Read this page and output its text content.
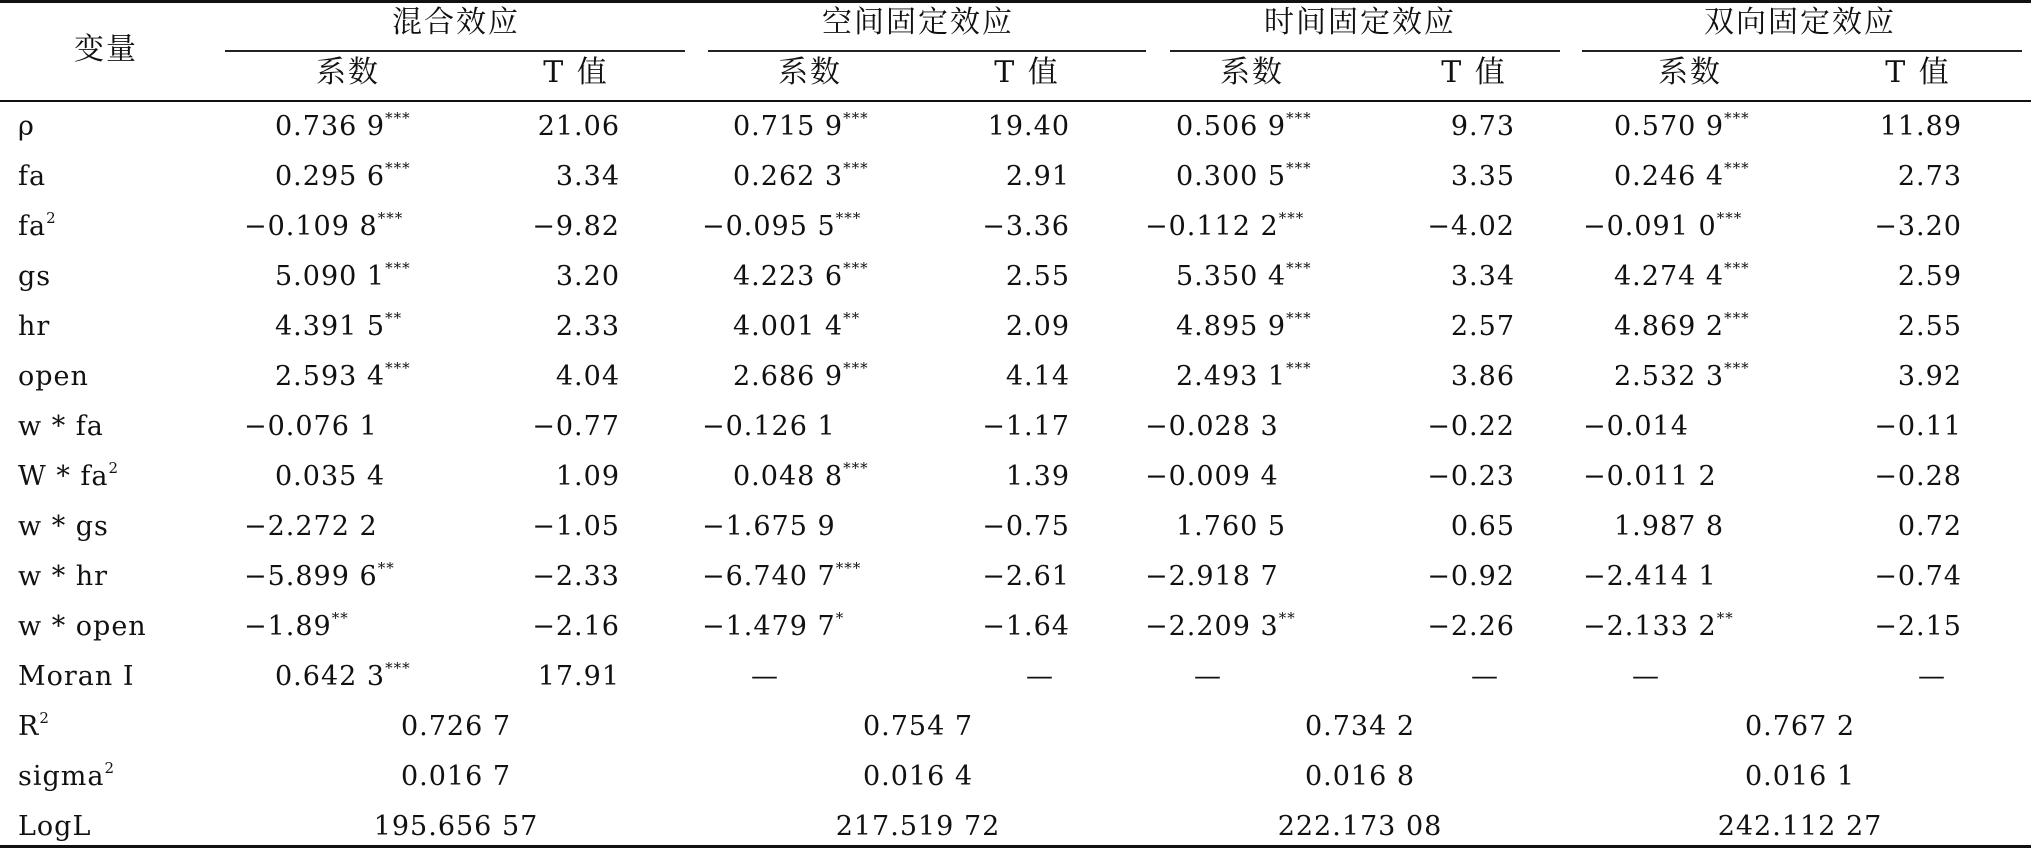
变量
混合效应	空间固定效应	时间固定效应	双向固定效应
系数	T 值	系数	T 值	系数	T 值	系数	T 值
ρ	0.736 9***	21.06	0.715 9***	19.40	0.506 9***	9.73	0.570 9***	11.89
fa	0.295 6***	3.34	0.262 3***	2.91	0.300 5***	3.35	0.246 4***	2.73
$fa^2$	−0.109 8***	−9.82	−0.095 5***	−3.36	−0.112 2***	−4.02	−0.091 0***	−3.20
gs	5.090 1***	3.20	4.223 6***	2.55	5.350 4***	3.34	4.274 4***	2.59
hr	4.391 5**	2.33	4.001 4**	2.09	4.895 9***	2.57	4.869 2***	2.55
open	2.593 4***	4.04	2.686 9***	4.14	2.493 1***	3.86	2.532 3***	3.92
w * fa	−0.076 1	−0.77	−0.126 1	−1.17	−0.028 3	−0.22	−0.014	−0.11
W * $fa^2$	0.035 4	1.09	0.048 8***	1.39	−0.009 4	−0.23	−0.011 2	−0.28
w * gs	−2.272 2	−1.05	−1.675 9	−0.75	1.760 5	0.65	1.987 8	0.72
w * hr	−5.899 6**	−2.33	−6.740 7***	−2.61	−2.918 7	−0.92	−2.414 1	−0.74
w * open	−1.89**	−2.16	−1.479 7*	−1.64	−2.209 3**	−2.26	−2.133 2**	−2.15
Moran I	0.642 3***	17.91	—	—	—	—	—	—
$R^2$	0.726 7	0.754 7	0.734 2	0.767 2
sigma$^2$	0.016 7	0.016 4	0.016 8	0.016 1
LogL	195.656 57	217.519 72	222.173 08	242.112 27
